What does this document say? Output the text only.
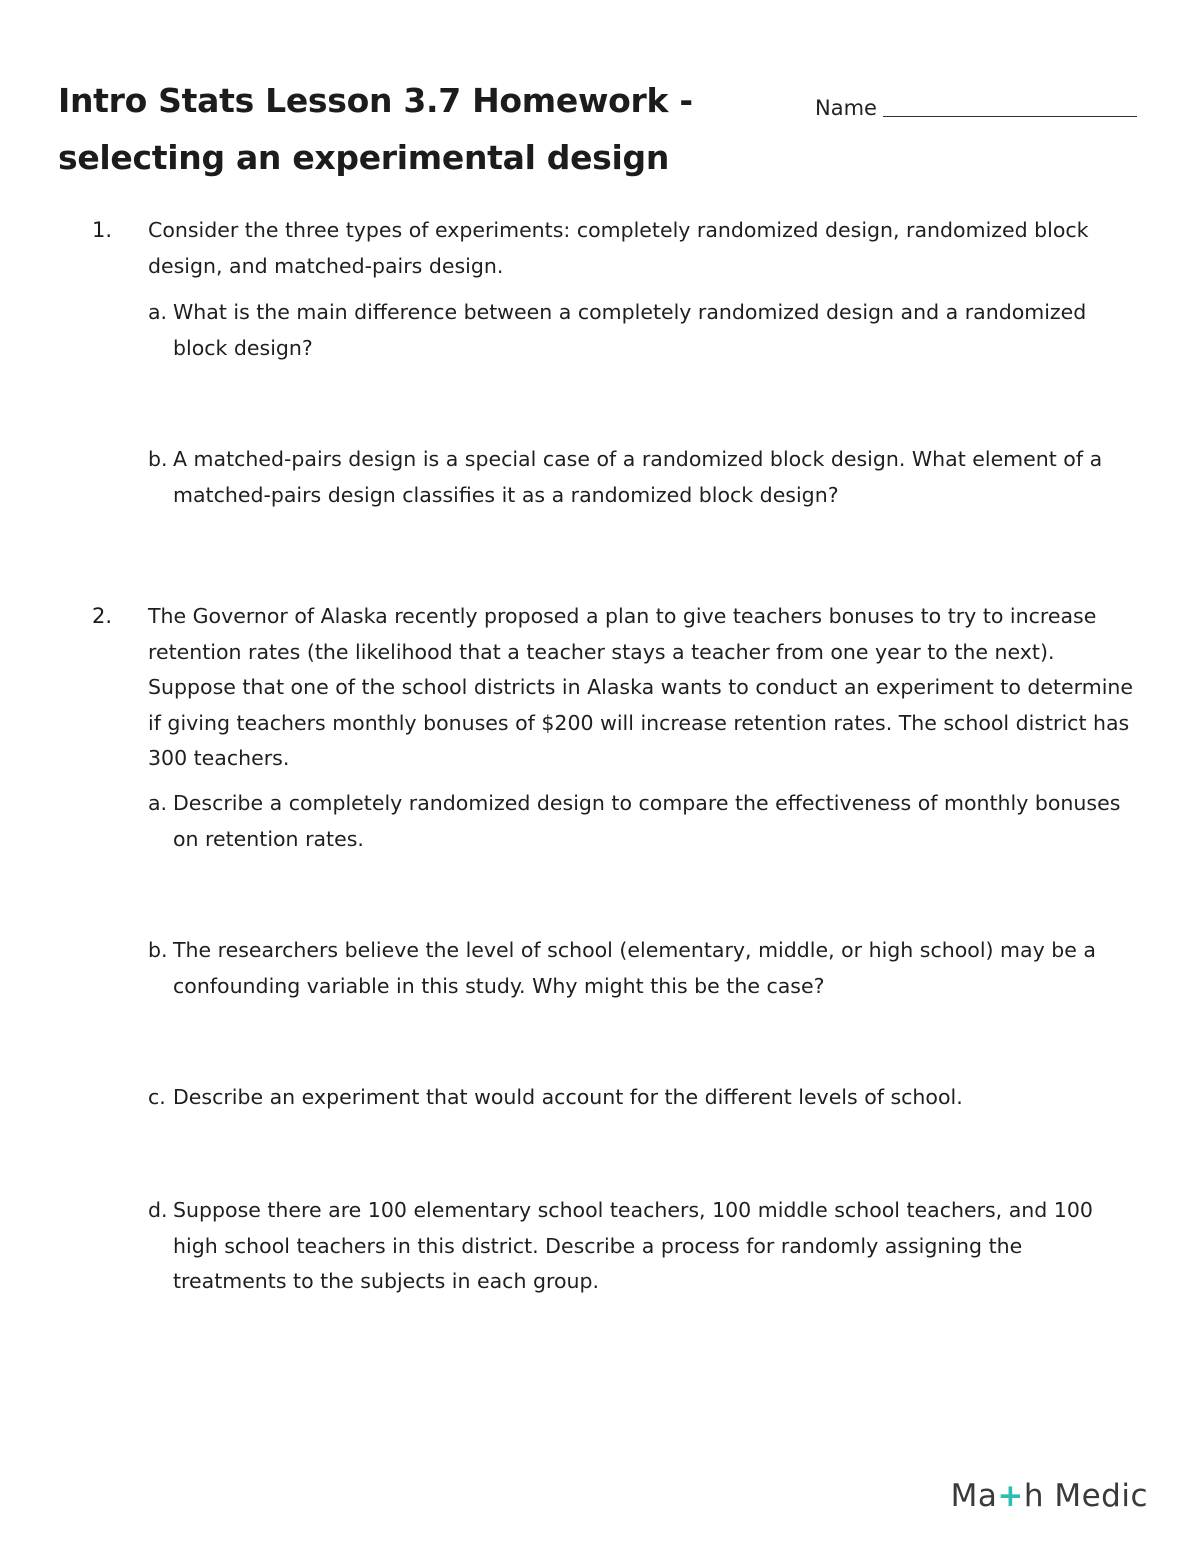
Intro Stats Lesson 3.7 Homework -
selecting an experimental design
Name
1. Consider the three types of experiments: completely randomized design, randomized block design, and matched-pairs design.
a. What is the main difference between a completely randomized design and a randomized block design?
b. A matched-pairs design is a special case of a randomized block design. What element of a matched-pairs design classifies it as a randomized block design?
2. The Governor of Alaska recently proposed a plan to give teachers bonuses to try to increase retention rates (the likelihood that a teacher stays a teacher from one year to the next). Suppose that one of the school districts in Alaska wants to conduct an experiment to determine if giving teachers monthly bonuses of $200 will increase retention rates. The school district has 300 teachers.
a. Describe a completely randomized design to compare the effectiveness of monthly bonuses on retention rates.
b. The researchers believe the level of school (elementary, middle, or high school) may be a confounding variable in this study. Why might this be the case?
c. Describe an experiment that would account for the different levels of school.
d. Suppose there are 100 elementary school teachers, 100 middle school teachers, and 100 high school teachers in this district. Describe a process for randomly assigning the treatments to the subjects in each group.
Ma+h Medic
